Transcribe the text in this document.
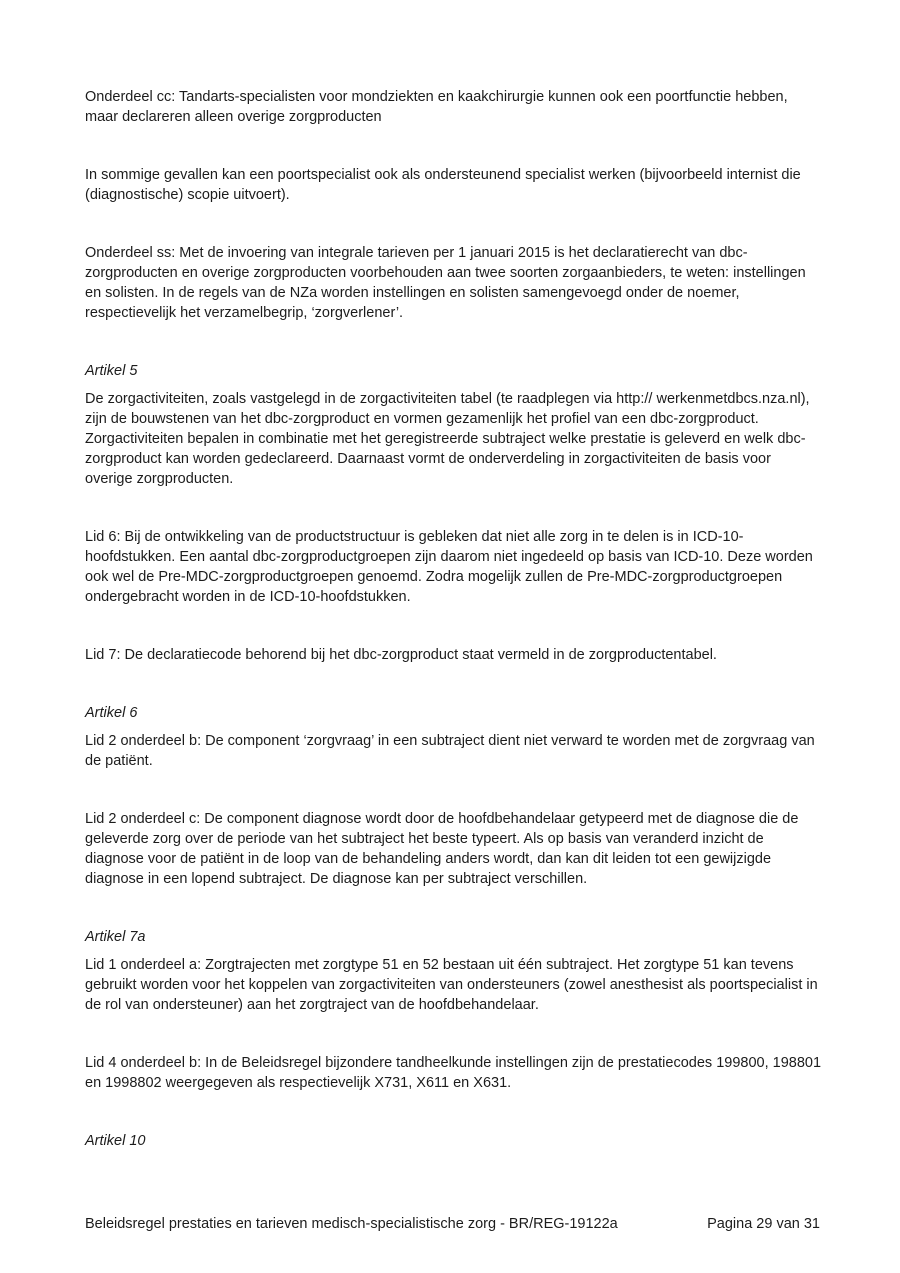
Onderdeel cc: Tandarts-specialisten voor mondziekten en kaakchirurgie kunnen ook een poortfunctie hebben, maar declareren alleen overige zorgproducten

In sommige gevallen kan een poortspecialist ook als ondersteunend specialist werken (bijvoorbeeld internist die (diagnostische) scopie uitvoert).

Onderdeel ss: Met de invoering van integrale tarieven per 1 januari 2015 is het declaratierecht van dbc-zorgproducten en overige zorgproducten voorbehouden aan twee soorten zorgaanbieders, te weten: instellingen en solisten. In de regels van de NZa worden instellingen en solisten samengevoegd onder de noemer, respectievelijk het verzamelbegrip, ‘zorgverlener’.

Artikel 5

De zorgactiviteiten, zoals vastgelegd in de zorgactiviteiten tabel (te raadplegen via http:// werkenmetdbcs.nza.nl), zijn de bouwstenen van het dbc-zorgproduct en vormen gezamenlijk het profiel van een dbc-zorgproduct. Zorgactiviteiten bepalen in combinatie met het geregistreerde subtraject welke prestatie is geleverd en welk dbc-zorgproduct kan worden gedeclareerd. Daarnaast vormt de onderverdeling in zorgactiviteiten de basis voor overige zorgproducten.

Lid 6: Bij de ontwikkeling van de productstructuur is gebleken dat niet alle zorg in te delen is in ICD-10-hoofdstukken. Een aantal dbc-zorgproductgroepen zijn daarom niet ingedeeld op basis van ICD-10. Deze worden ook wel de Pre-MDC-zorgproductgroepen genoemd. Zodra mogelijk zullen de Pre-MDC-zorgproductgroepen ondergebracht worden in de ICD-10-hoofdstukken.

Lid 7: De declaratiecode behorend bij het dbc-zorgproduct staat vermeld in de zorgproductentabel.

Artikel 6

Lid 2 onderdeel b: De component ‘zorgvraag’ in een subtraject dient niet verward te worden met de zorgvraag van de patiënt.

Lid 2 onderdeel c: De component diagnose wordt door de hoofdbehandelaar getypeerd met de diagnose die de geleverde zorg over de periode van het subtraject het beste typeert. Als op basis van veranderd inzicht de diagnose voor de patiënt in de loop van de behandeling anders wordt, dan kan dit leiden tot een gewijzigde diagnose in een lopend subtraject. De diagnose kan per subtraject verschillen.

Artikel 7a

Lid 1 onderdeel a: Zorgtrajecten met zorgtype 51 en 52 bestaan uit één subtraject. Het zorgtype 51 kan tevens gebruikt worden voor het koppelen van zorgactiviteiten van ondersteuners (zowel anesthesist als poortspecialist in de rol van ondersteuner) aan het zorgtraject van de hoofdbehandelaar.

Lid 4 onderdeel b: In de Beleidsregel bijzondere tandheelkunde instellingen zijn de prestatiecodes 199800, 198801 en 1998802 weergegeven als respectievelijk X731, X611 en X631.

Artikel 10
Beleidsregel prestaties en tarieven medisch-specialistische zorg - BR/REG-19122a	Pagina 29 van 31
